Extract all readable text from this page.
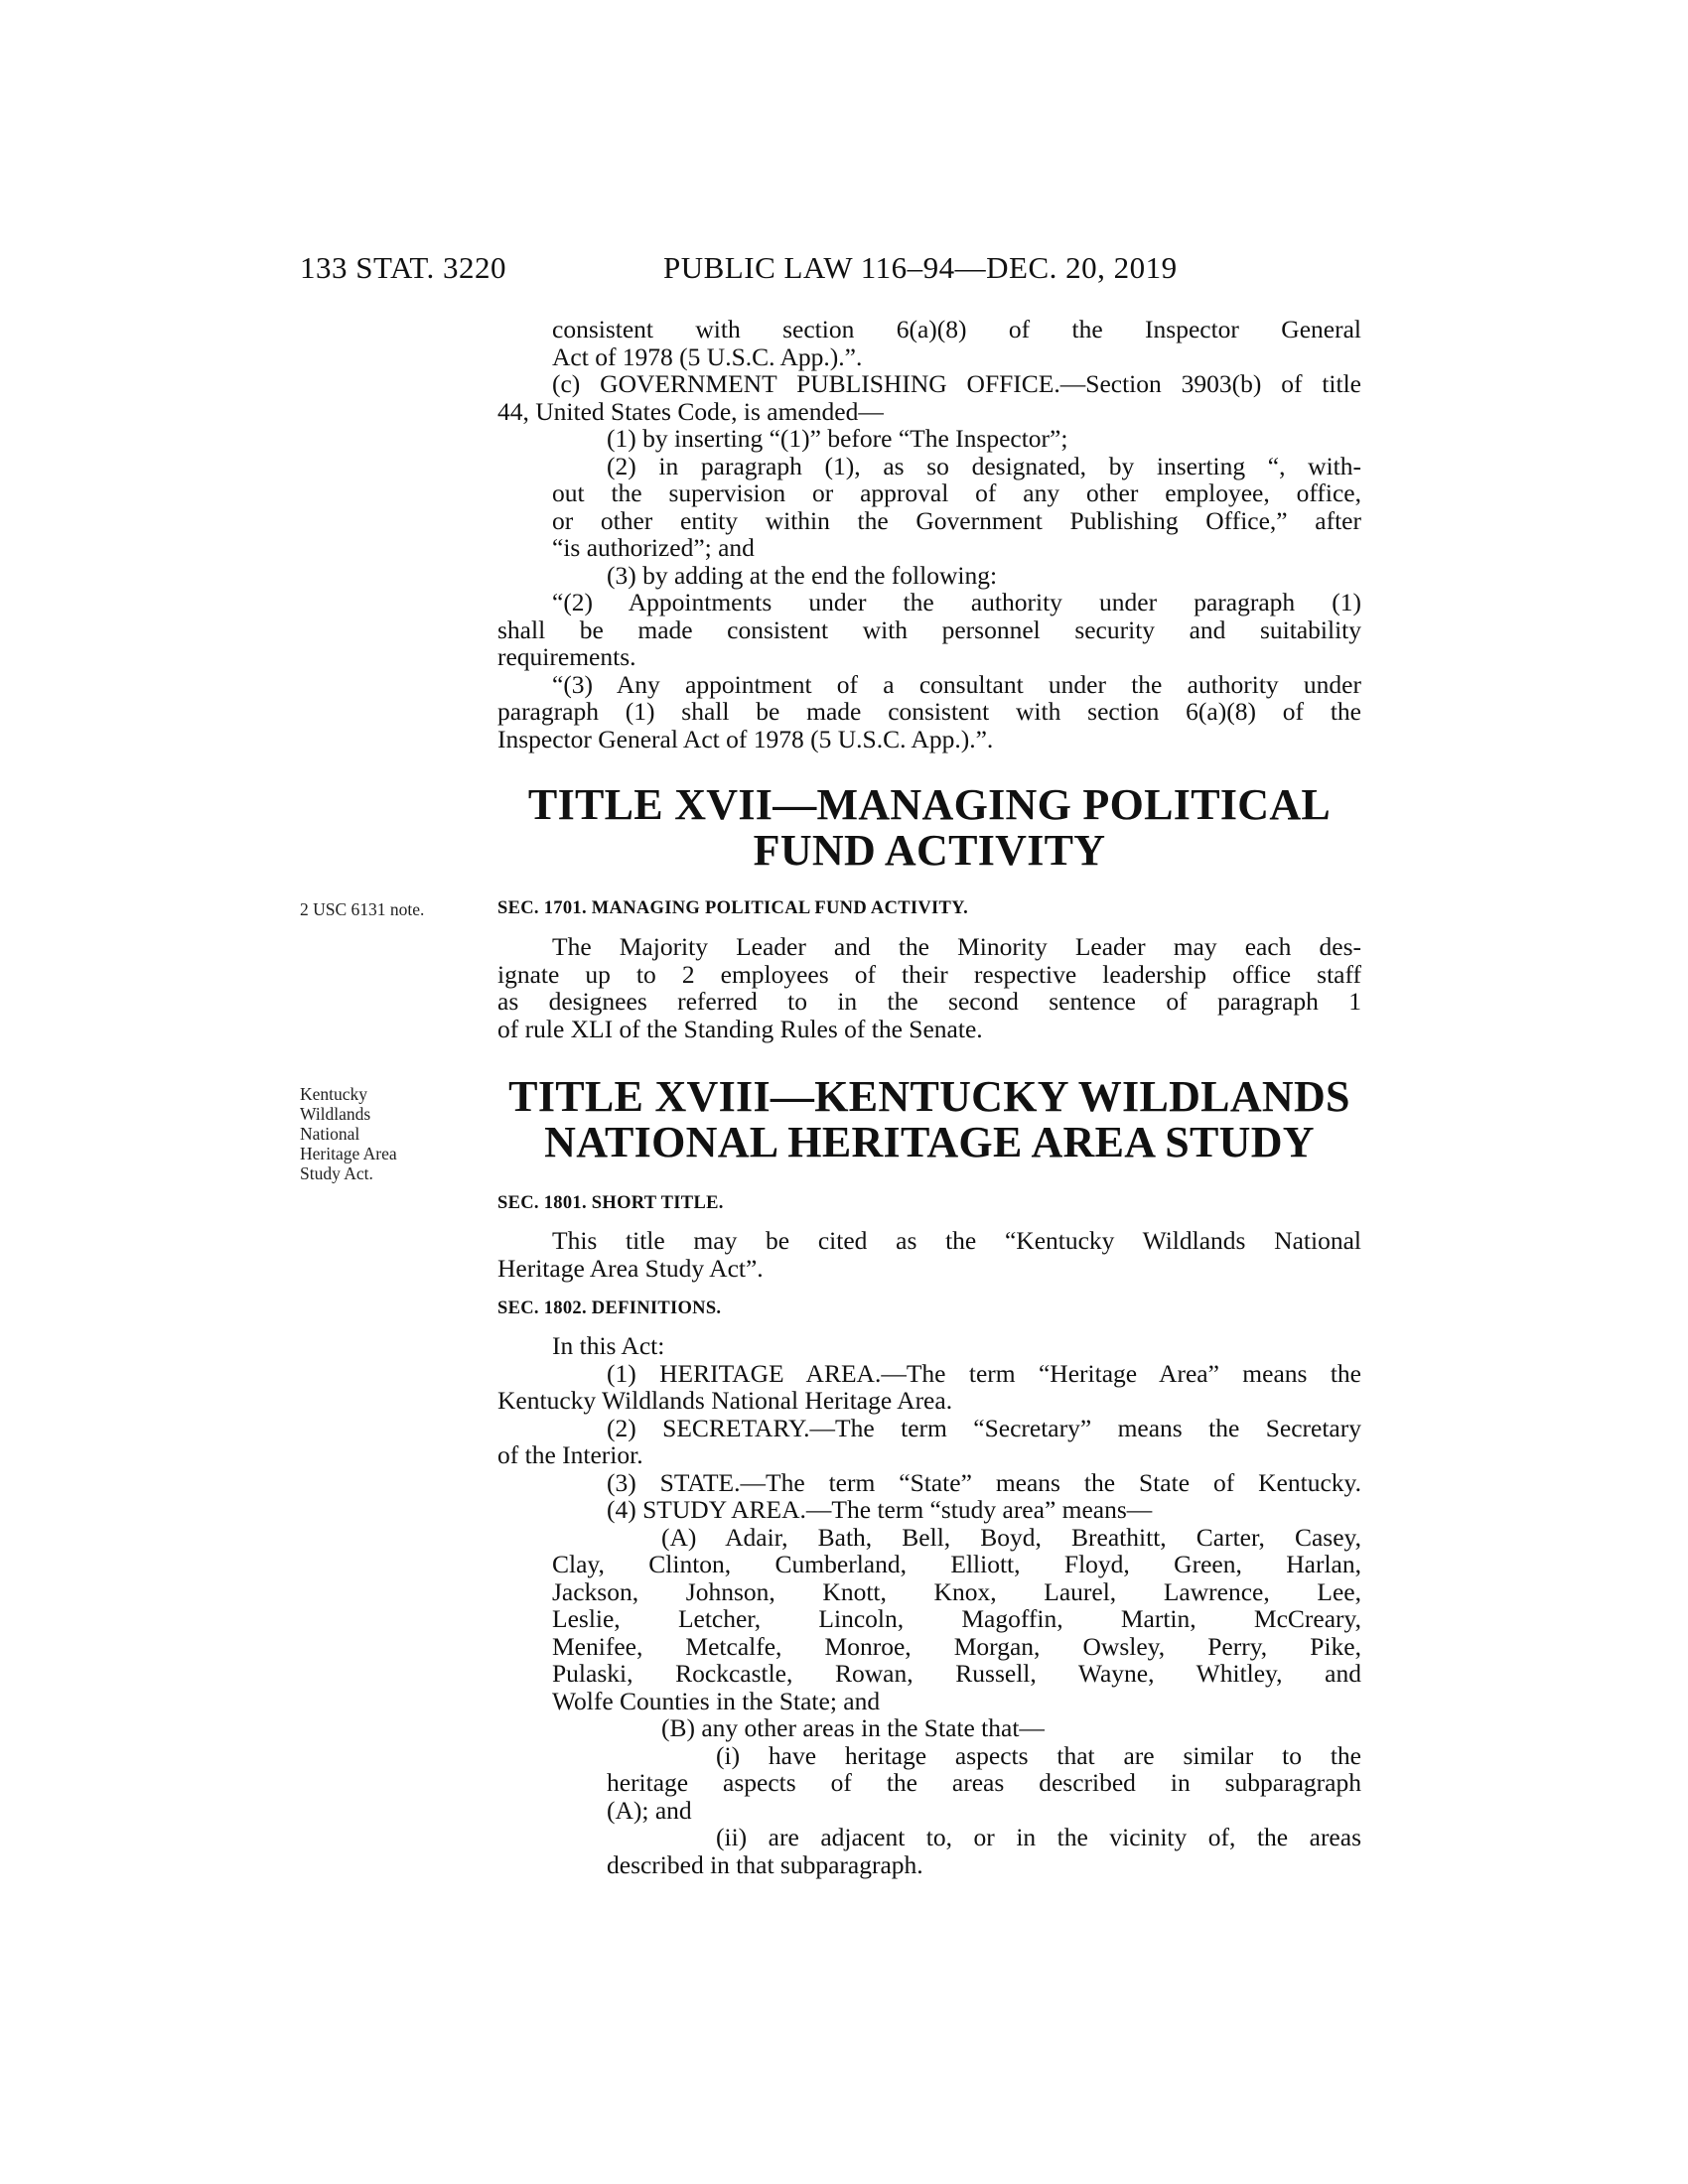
133 STAT. 3220	PUBLIC LAW 116–94—DEC. 20, 2019

consistent with section 6(a)(8) of the Inspector General

Act of 1978 (5 U.S.C. App.).”.

(c) GOVERNMENT PUBLISHING OFFICE.—Section 3903(b) of title

44, United States Code, is amended—

(1) by inserting “(1)” before “The Inspector”;

(2) in paragraph (1), as so designated, by inserting “, with-

out the supervision or approval of any other employee, office,

or other entity within the Government Publishing Office,” after

“is authorized”; and

(3) by adding at the end the following:

“(2) Appointments under the authority under paragraph (1)

shall be made consistent with personnel security and suitability

requirements.

“(3) Any appointment of a consultant under the authority under

paragraph (1) shall be made consistent with section 6(a)(8) of the

Inspector General Act of 1978 (5 U.S.C. App.).”.

TITLE XVII—MANAGING POLITICAL
FUND ACTIVITY
2 USC 6131 note.	SEC. 1701. MANAGING POLITICAL FUND ACTIVITY.

The Majority Leader and the Minority Leader may each des-

ignate up to 2 employees of their respective leadership office staff

as designees referred to in the second sentence of paragraph 1

of rule XLI of the Standing Rules of the Senate.

Kentucky
Wildlands
National
Heritage Area
Study Act.
TITLE XVIII—KENTUCKY WILDLANDS
NATIONAL HERITAGE AREA STUDY
SEC. 1801. SHORT TITLE.

This title may be cited as the “Kentucky Wildlands National

Heritage Area Study Act”.

SEC. 1802. DEFINITIONS.

In this Act:

(1) HERITAGE AREA.—The term “Heritage Area” means the

Kentucky Wildlands National Heritage Area.

(2) SECRETARY.—The term “Secretary” means the Secretary

of the Interior.

(3) STATE.—The term “State” means the State of Kentucky.

(4) STUDY AREA.—The term “study area” means—

(A) Adair, Bath, Bell, Boyd, Breathitt, Carter, Casey,

Clay, Clinton, Cumberland, Elliott, Floyd, Green, Harlan,

Jackson, Johnson, Knott, Knox, Laurel, Lawrence, Lee,

Leslie, Letcher, Lincoln, Magoffin, Martin, McCreary,

Menifee, Metcalfe, Monroe, Morgan, Owsley, Perry, Pike,

Pulaski, Rockcastle, Rowan, Russell, Wayne, Whitley, and

Wolfe Counties in the State; and

(B) any other areas in the State that—

(i) have heritage aspects that are similar to the

heritage aspects of the areas described in subparagraph

(A); and

(ii) are adjacent to, or in the vicinity of, the areas

described in that subparagraph.
